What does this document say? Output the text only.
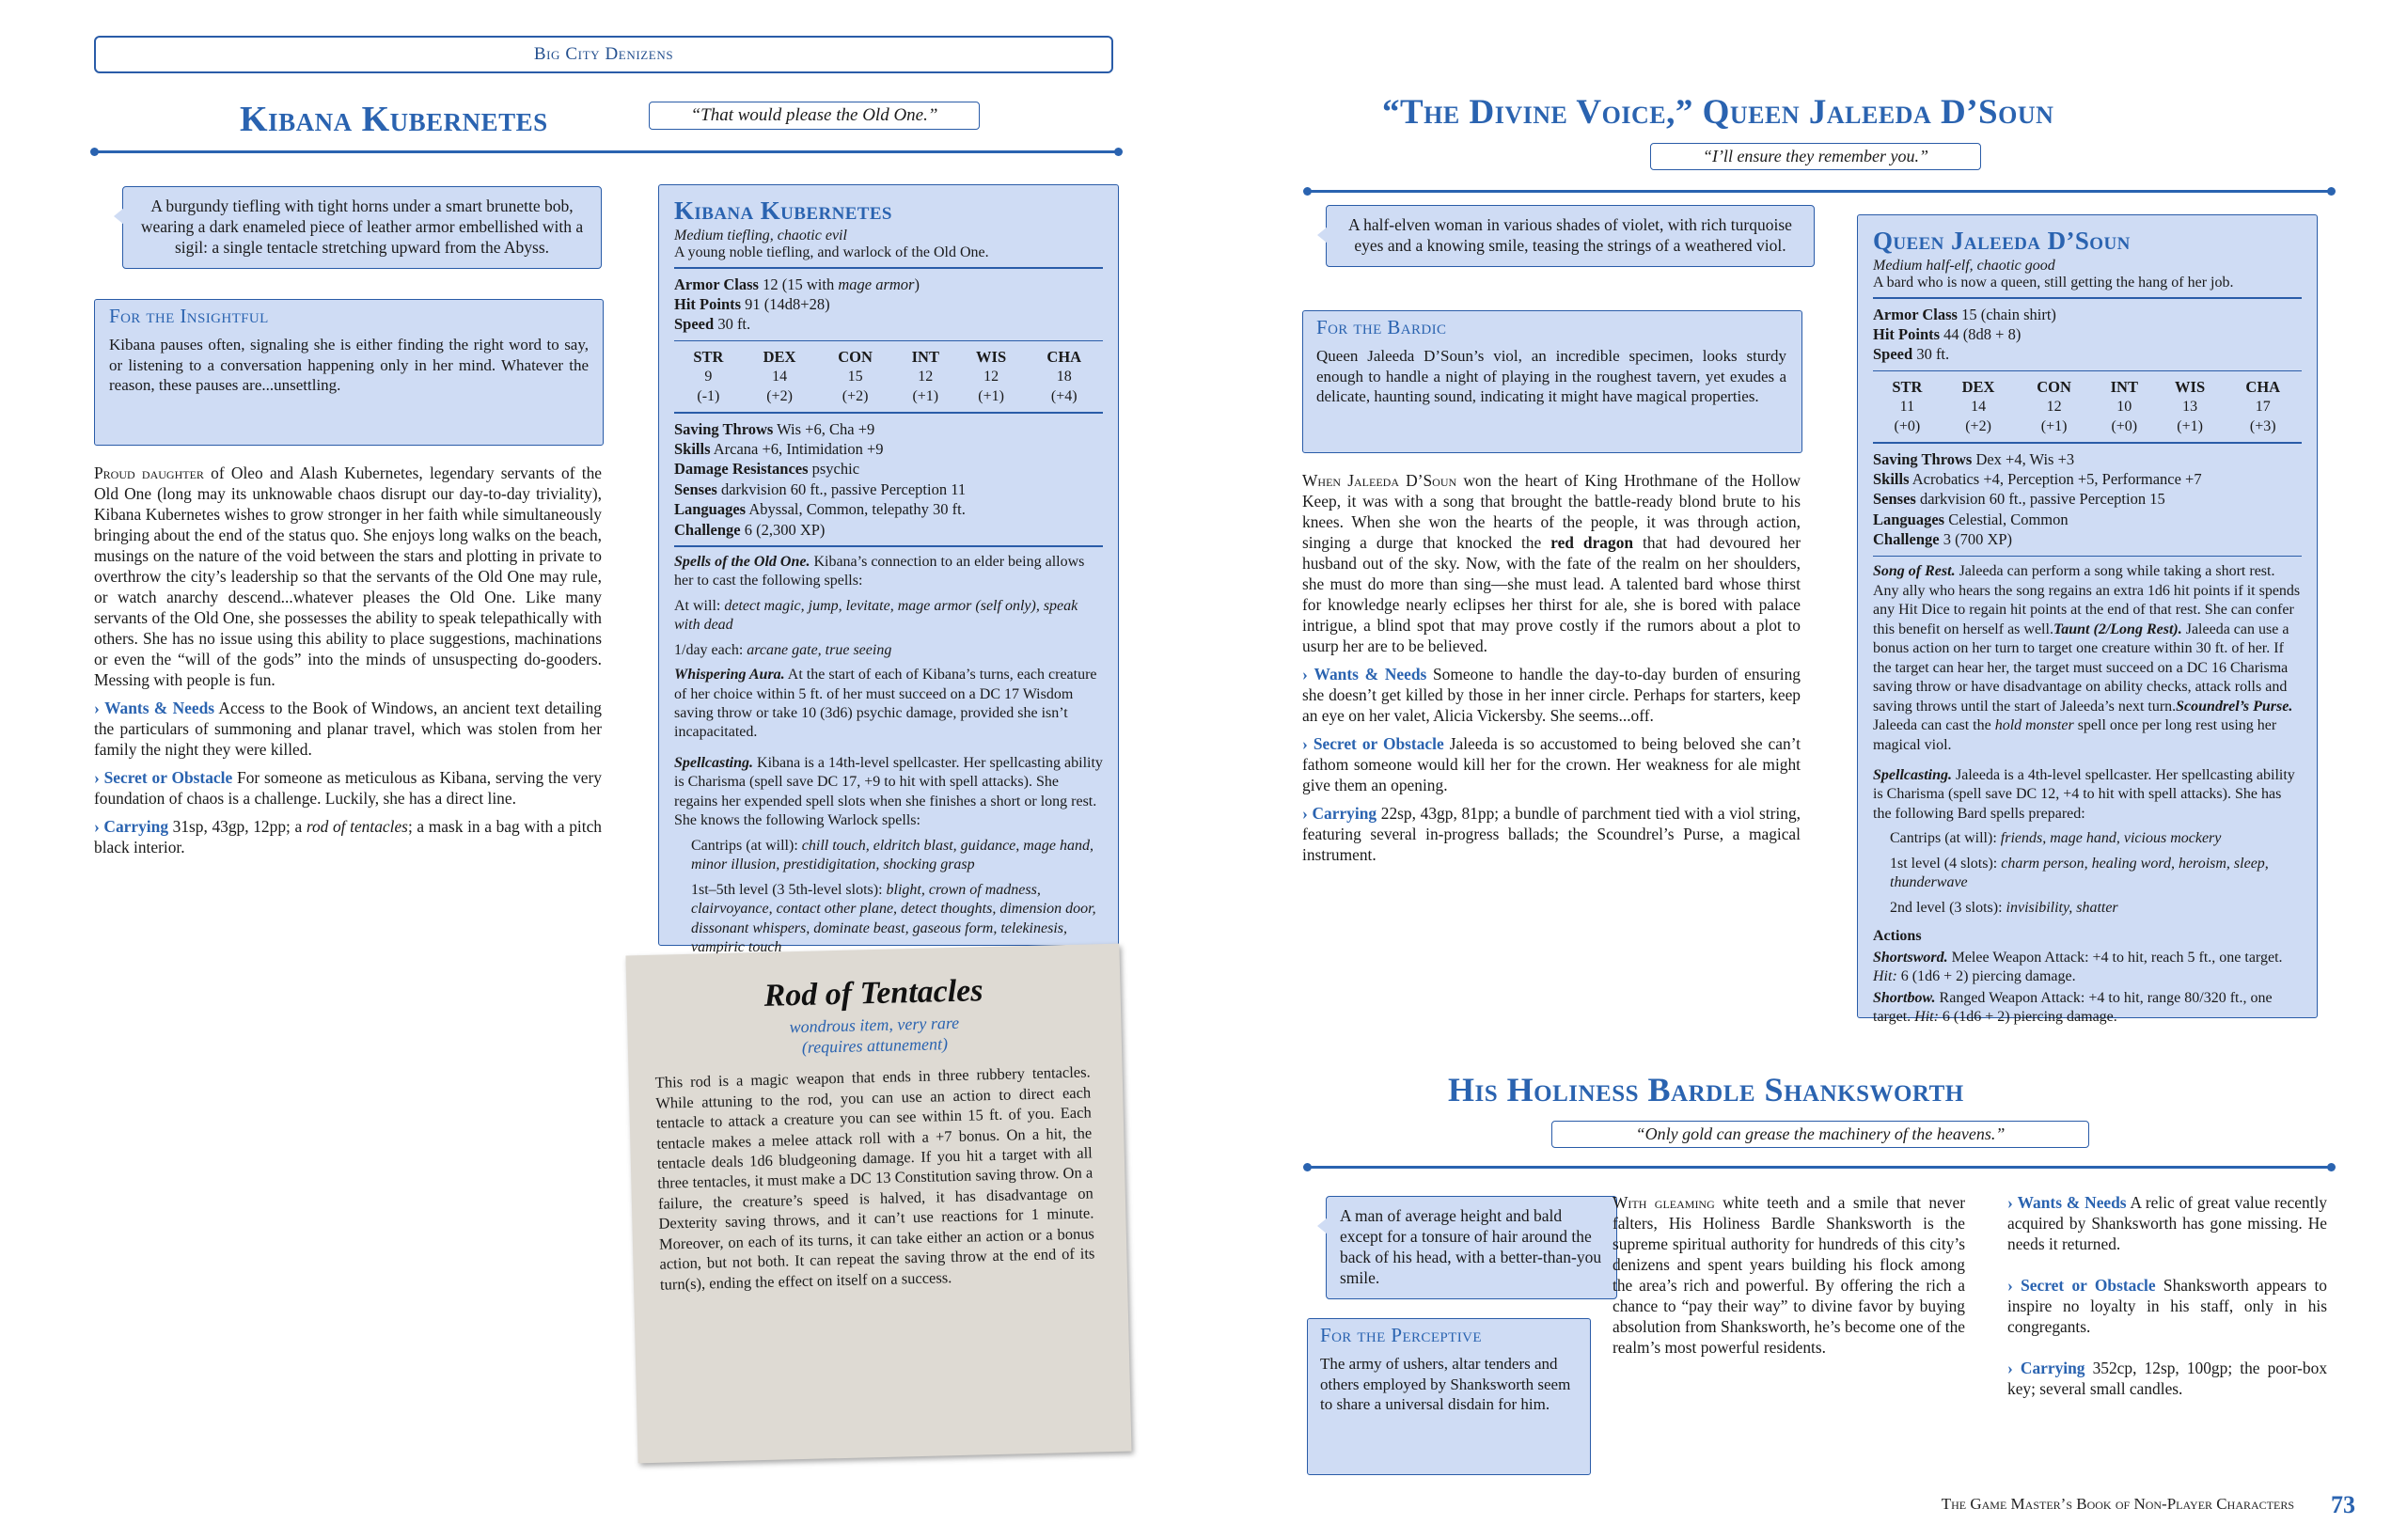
Big City Denizens
Kibana Kubernetes	“That would please the Old One.”
A burgundy tiefling with tight horns under a smart brunette bob, wearing a dark enameled piece of leather armor embellished with a sigil: a single tentacle stretching upward from the Abyss.
For the Insightful
Kibana pauses often, signaling she is either finding the right word to say, or listening to a conversation happening only in her mind. Whatever the reason, these pauses are...unsettling.

Proud daughter of Oleo and Alash Kubernetes, legendary servants of the Old One (long may its unknowable chaos disrupt our day-to-day triviality), Kibana Kubernetes wishes to grow stronger in her faith while simultaneously bringing about the end of the status quo. She enjoys long walks on the beach, musings on the nature of the void between the stars and plotting in private to overthrow the city’s leadership so that the servants of the Old One may rule, or watch anarchy descend...whatever pleases the Old One. Like many servants of the Old One, she possesses the ability to speak telepathically with others. She has no issue using this ability to place suggestions, machinations or even the “will of the gods” into the minds of unsuspecting do-gooders. Messing with people is fun.

› Wants & Needs Access to the Book of Windows, an ancient text detailing the particulars of summoning and planar travel, which was stolen from her family the night they were killed.

› Secret or Obstacle For someone as meticulous as Kibana, serving the very foundation of chaos is a challenge. Luckily, she has a direct line.

› Carrying 31sp, 43gp, 12pp; a rod of tentacles; a mask in a bag with a pitch black interior.

Kibana Kubernetes

Medium tiefling, chaotic evil

A young noble tiefling, and warlock of the Old One.

Armor Class 12 (15 with mage armor)
Hit Points 91 (14d8+28)
Speed 30 ft.
STR	DEX	CON	INT	WIS	CHA
9	14	15	12	12	18
(-1)	(+2)	(+2)	(+1)	(+1)	(+4)
Saving Throws Wis +6, Cha +9
Skills Arcana +6, Intimidation +9
Damage Resistances psychic
Senses darkvision 60 ft., passive Perception 11
Languages Abyssal, Common, telepathy 30 ft.
Challenge 6 (2,300 XP)

Spells of the Old One. Kibana’s connection to an elder being allows her to cast the following spells:

At will: detect magic, jump, levitate, mage armor (self only), speak with dead

1/day each: arcane gate, true seeing

Whispering Aura. At the start of each of Kibana’s turns, each creature of her choice within 5 ft. of her must succeed on a DC 17 Wisdom saving throw or take 10 (3d6) psychic damage, provided she isn’t incapacitated.

Spellcasting. Kibana is a 14th-level spellcaster. Her spellcasting ability is Charisma (spell save DC 17, +9 to hit with spell attacks). She regains her expended spell slots when she finishes a short or long rest. She knows the following Warlock spells:

Cantrips (at will): chill touch, eldritch blast, guidance, mage hand, minor illusion, prestidigitation, shocking grasp

1st–5th level (3 5th-level slots): blight, crown of madness, clairvoyance, contact other plane, detect thoughts, dimension door, dissonant whispers, dominate beast, gaseous form, telekinesis, vampiric touch

Rod of Tentacles
wondrous item, very rare
(requires attunement)
This rod is a magic weapon that ends in three rubbery tentacles. While attuning to the rod, you can use an action to direct each tentacle to attack a creature you can see within 15 ft. of you. Each tentacle makes a melee attack roll with a +7 bonus. On a hit, the tentacle deals 1d6 bludgeoning damage. If you hit a target with all three tentacles, it must make a DC 13 Constitution saving throw. On a failure, the creature’s speed is halved, it has disadvantage on Dexterity saving throws, and it can’t use reactions for 1 minute. Moreover, on each of its turns, it can take either an action or a bonus action, but not both. It can repeat the saving throw at the end of its turn(s), ending the effect on itself on a success.
“The Divine Voice,” Queen Jaleeda D’Soun
“I’ll ensure they remember you.”
A half-elven woman in various shades of violet, with rich turquoise eyes and a knowing smile, teasing the strings of a weathered viol.
For the Bardic
Queen Jaleeda D’Soun’s viol, an incredible specimen, looks sturdy enough to handle a night of playing in the roughest tavern, yet exudes a delicate, haunting sound, indicating it might have magical properties.

When Jaleeda D’Soun won the heart of King Hrothmane of the Hollow Keep, it was with a song that brought the battle-ready blond brute to his knees. When she won the hearts of the people, it was through action, singing a durge that knocked the red dragon that had devoured her husband out of the sky. Now, with the fate of the realm on her shoulders, she must do more than sing—she must lead. A talented bard whose thirst for knowledge nearly eclipses her thirst for ale, she is bored with palace intrigue, a blind spot that may prove costly if the rumors about a plot to usurp her are to be believed.

› Wants & Needs Someone to handle the day-to-day burden of ensuring she doesn’t get killed by those in her inner circle. Perhaps for starters, keep an eye on her valet, Alicia Vickersby. She seems...off.

› Secret or Obstacle Jaleeda is so accustomed to being beloved she can’t fathom someone would kill her for the crown. Her weakness for ale might give them an opening.

› Carrying 22sp, 43gp, 81pp; a bundle of parchment tied with a viol string, featuring several in-progress ballads; the Scoundrel’s Purse, a magical instrument.

Queen Jaleeda D’Soun

Medium half-elf, chaotic good

A bard who is now a queen, still getting the hang of her job.

Armor Class 15 (chain shirt)
Hit Points 44 (8d8 + 8)
Speed 30 ft.
STR	DEX	CON	INT	WIS	CHA
11	14	12	10	13	17
(+0)	(+2)	(+1)	(+0)	(+1)	(+3)
Saving Throws Dex +4, Wis +3
Skills Acrobatics +4, Perception +5, Performance +7
Senses darkvision 60 ft., passive Perception 15
Languages Celestial, Common
Challenge 3 (700 XP)

Song of Rest. Jaleeda can perform a song while taking a short rest. Any ally who hears the song regains an extra 1d6 hit points if it spends any Hit Dice to regain hit points at the end of that rest. She can confer this benefit on herself as well.Taunt (2/Long Rest). Jaleeda can use a bonus action on her turn to target one creature within 30 ft. of her. If the target can hear her, the target must succeed on a DC 16 Charisma saving throw or have disadvantage on ability checks, attack rolls and saving throws until the start of Jaleeda’s next turn.Scoundrel’s Purse. Jaleeda can cast the hold monster spell once per long rest using her magical viol.

Spellcasting. Jaleeda is a 4th-level spellcaster. Her spellcasting ability is Charisma (spell save DC 12, +4 to hit with spell attacks). She has the following Bard spells prepared:

Cantrips (at will): friends, mage hand, vicious mockery

1st level (4 slots): charm person, healing word, heroism, sleep, thunderwave

2nd level (3 slots): invisibility, shatter

Actions

Shortsword. Melee Weapon Attack: +4 to hit, reach 5 ft., one target. Hit: 6 (1d6 + 2) piercing damage.

Shortbow. Ranged Weapon Attack: +4 to hit, range 80/320 ft., one target. Hit: 6 (1d6 + 2) piercing damage.

His Holiness Bardle Shanksworth
“Only gold can grease the machinery of the heavens.”
A man of average height and bald except for a tonsure of hair around the back of his head, with a better-than-you smile.
For the Perceptive
The army of ushers, altar tenders and others employed by Shanksworth seem to share a universal disdain for him.

With gleaming white teeth and a smile that never falters, His Holiness Bardle Shanksworth is the supreme spiritual authority for hundreds of this city’s denizens and spent years building his flock among the area’s rich and powerful. By offering the rich a chance to “pay their way” to divine favor by buying absolution from Shanksworth, he’s become one of the realm’s most powerful residents.

› Wants & Needs A relic of great value recently acquired by Shanksworth has gone missing. He needs it returned.

› Secret or Obstacle Shanksworth appears to inspire no loyalty in his staff, only in his congregants.

› Carrying 352cp, 12sp, 100gp; the poor-box key; several small candles.

The Game Master’s Book of Non-Player Characters 73
